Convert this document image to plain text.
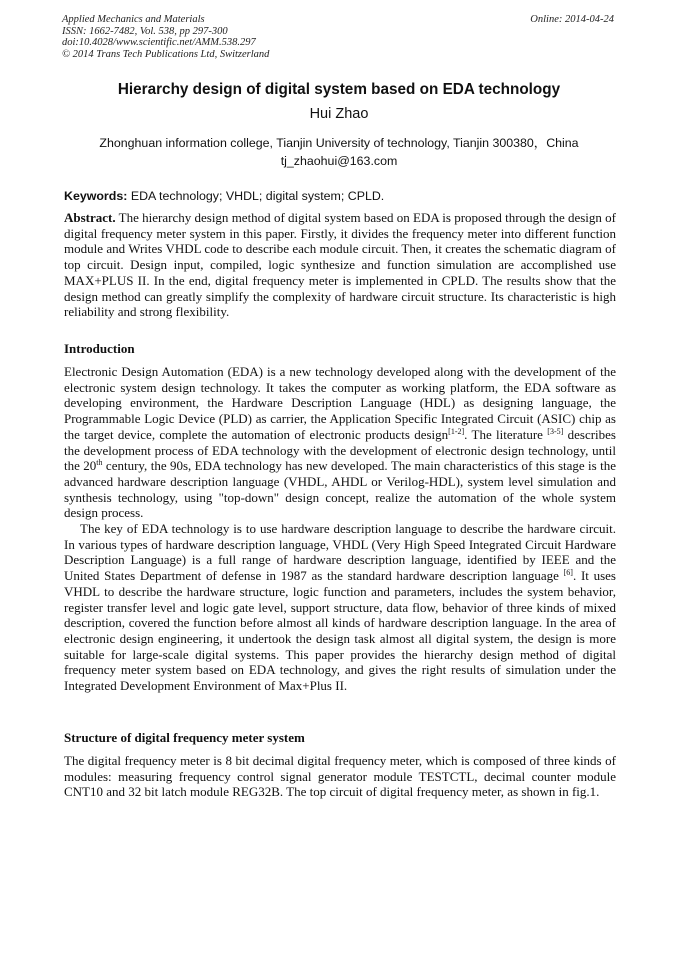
Applied Mechanics and Materials
ISSN: 1662-7482, Vol. 538, pp 297-300
doi:10.4028/www.scientific.net/AMM.538.297
© 2014 Trans Tech Publications Ltd, Switzerland
Online: 2014-04-24
Hierarchy design of digital system based on EDA technology
Hui Zhao
Zhonghuan information college, Tianjin University of technology, Tianjin 300380，China
tj_zhaohui@163.com
Keywords: EDA technology; VHDL; digital system; CPLD.
Abstract. The hierarchy design method of digital system based on EDA is proposed through the design of digital frequency meter system in this paper. Firstly, it divides the frequency meter into different function module and Writes VHDL code to describe each module circuit. Then, it creates the schematic diagram of top circuit. Design input, compiled, logic synthesize and function simulation are accomplished use MAX+PLUS II. In the end, digital frequency meter is implemented in CPLD. The results show that the design method can greatly simplify the complexity of hardware circuit structure. Its characteristic is high reliability and strong flexibility.
Introduction
Electronic Design Automation (EDA) is a new technology developed along with the development of the electronic system design technology. It takes the computer as working platform, the EDA software as developing environment, the Hardware Description Language (HDL) as designing language, the Programmable Logic Device (PLD) as carrier, the Application Specific Integrated Circuit (ASIC) chip as the target device, complete the automation of electronic products design[1-2]. The literature [3-5] describes the development process of EDA technology with the development of electronic design technology, until the 20th century, the 90s, EDA technology has new developed. The main characteristics of this stage is the advanced hardware description language (VHDL, AHDL or Verilog-HDL), system level simulation and synthesis technology, using "top-down" design concept, realize the automation of the whole system design process.
The key of EDA technology is to use hardware description language to describe the hardware circuit. In various types of hardware description language, VHDL (Very High Speed Integrated Circuit Hardware Description Language) is a full range of hardware description language, identified by IEEE and the United States Department of defense in 1987 as the standard hardware description language [6]. It uses VHDL to describe the hardware structure, logic function and parameters, includes the system behavior, register transfer level and logic gate level, support structure, data flow, behavior of three kinds of mixed description, covered the function before almost all kinds of hardware description language. In the area of electronic design engineering, it undertook the design task almost all digital system, the design is more suitable for large-scale digital systems. This paper provides the hierarchy design method of digital frequency meter system based on EDA technology, and gives the right results of simulation under the Integrated Development Environment of Max+Plus II.
Structure of digital frequency meter system
The digital frequency meter is 8 bit decimal digital frequency meter, which is composed of three kinds of modules: measuring frequency control signal generator module TESTCTL, decimal counter module CNT10 and 32 bit latch module REG32B. The top circuit of digital frequency meter, as shown in fig.1.
